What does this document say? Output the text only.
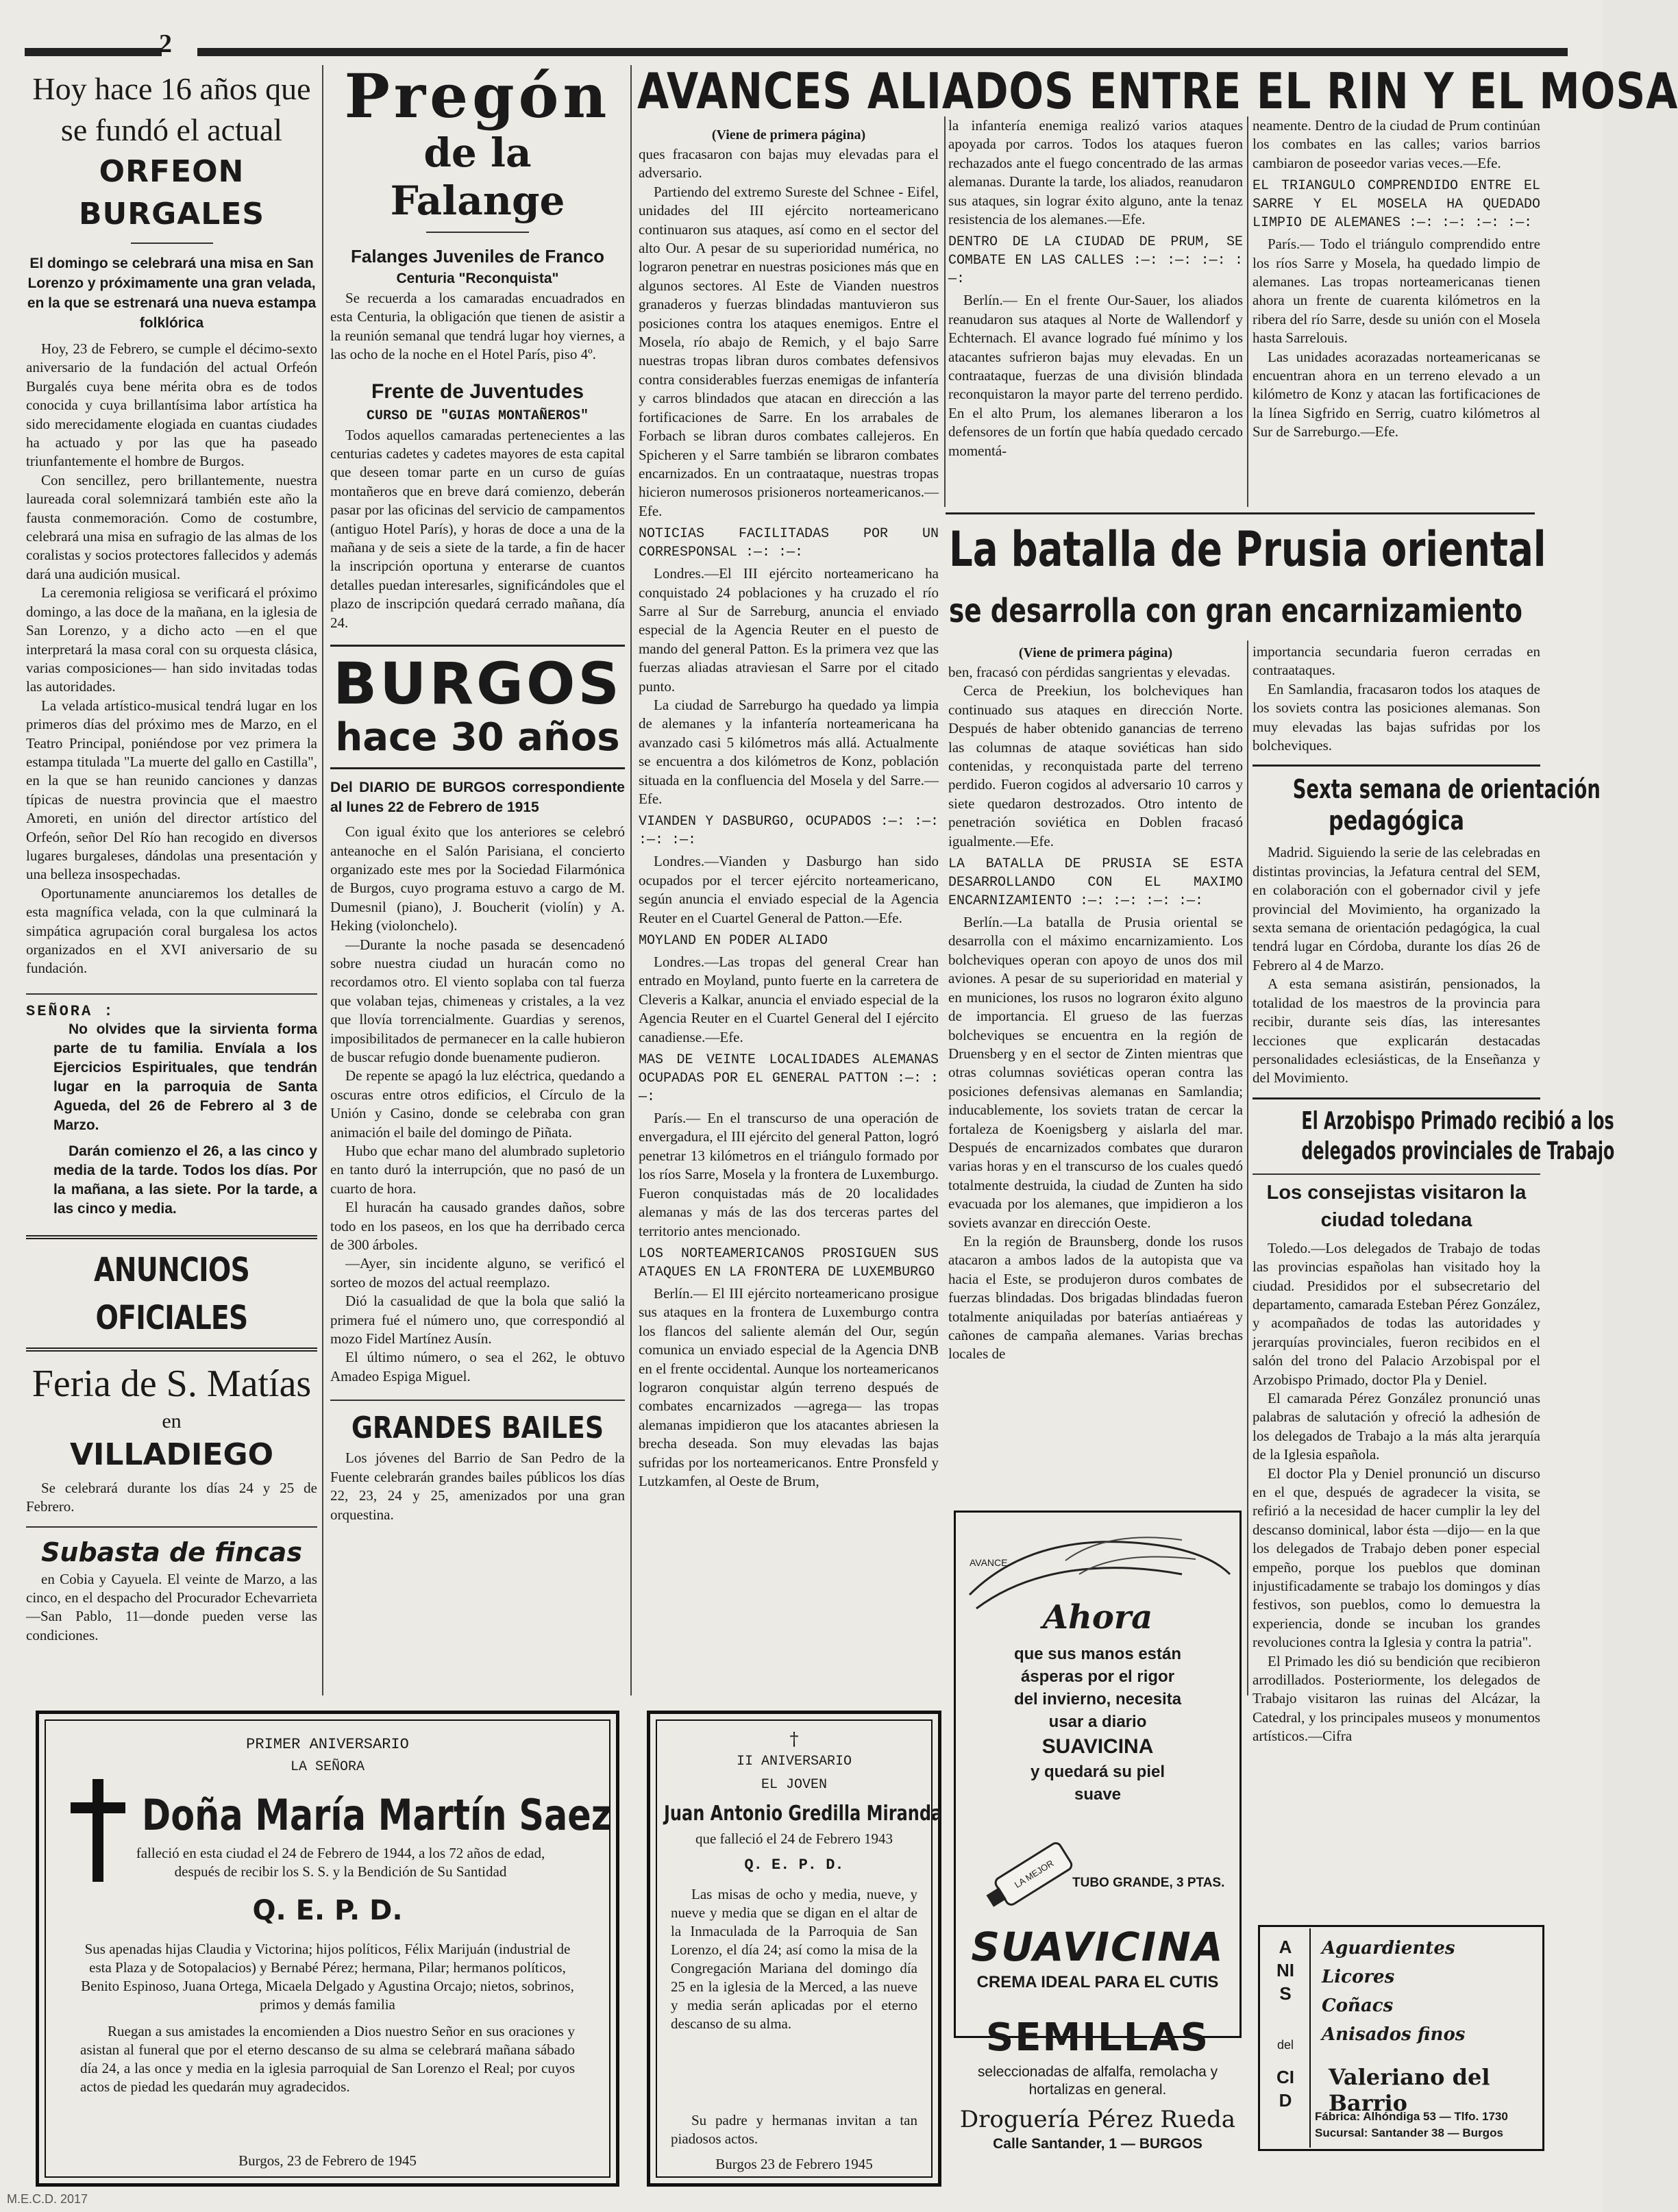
2
Hoy hace 16 años que
se fundó el actual
ORFEON BURGALES
El domingo se celebrará una misa en San Lorenzo y próximamente una gran velada, en la que se estrenará una nueva estampa folklórica

Hoy, 23 de Febrero, se cumple el décimo-sexto aniversario de la fundación del actual Orfeón Burgalés cuya bene mérita obra es de todos conocida y cuya brillantísima labor artística ha sido merecidamente elogiada en cuantas ciudades ha actuado y por las que ha paseado triunfantemente el hombre de Burgos.

Con sencillez, pero brillantemente, nuestra laureada coral solemnizará también este año la fausta conmemoración. Como de costumbre, celebrará una misa en sufragio de las almas de los coralistas y socios protectores fallecidos y además dará una audición musical.

La ceremonia religiosa se verificará el próximo domingo, a las doce de la mañana, en la iglesia de San Lorenzo, y a dicho acto —en el que interpretará la masa coral con su orquesta clásica, varias composiciones— han sido invitadas todas las autoridades.

La velada artístico-musical tendrá lugar en los primeros días del próximo mes de Marzo, en el Teatro Principal, poniéndose por vez primera la estampa titulada "La muerte del gallo en Castilla", en la que se han reunido canciones y danzas típicas de nuestra provincia que el maestro Amoreti, en unión del director artístico del Orfeón, señor Del Río han recogido en diversos lugares burgaleses, dándolas una presentación y una belleza insospechadas.

Oportunamente anunciaremos los detalles de esta magnífica velada, con la que culminará la simpática agrupación coral burgalesa los actos organizados en el XVI aniversario de su fundación.

SEÑORA :

No olvides que la sirvienta forma parte de tu familia. Envíala a los Ejercicios Espirituales, que tendrán lugar en la parroquia de Santa Agueda, del 26 de Febrero al 3 de Marzo.

Darán comienzo el 26, a las cinco y media de la tarde. Todos los días. Por la mañana, a las siete. Por la tarde, a las cinco y media.

ANUNCIOS OFICIALES
Feria de S. Matías
en
VILLADIEGO

Se celebrará durante los días 24 y 25 de Febrero.

Subasta de fincas

en Cobia y Cayuela. El veinte de Marzo, a las cinco, en el despacho del Procurador Echevarrieta—San Pablo, 11—donde pueden verse las condiciones.

Pregón
de la Falange
Falanges Juveniles de Franco
Centuria "Reconquista"

Se recuerda a los camaradas encuadrados en esta Centuria, la obligación que tienen de asistir a la reunión semanal que tendrá lugar hoy viernes, a las ocho de la noche en el Hotel París, piso 4º.

Frente de Juventudes
CURSO DE "GUIAS MONTAÑEROS"

Todos aquellos camaradas pertenecientes a las centurias cadetes y cadetes mayores de esta capital que deseen tomar parte en un curso de guías montañeros que en breve dará comienzo, deberán pasar por las oficinas del servicio de campamentos (antiguo Hotel París), y horas de doce a una de la mañana y de seis a siete de la tarde, a fin de hacer la inscripción oportuna y enterarse de cuantos detalles puedan interesarles, significándoles que el plazo de inscripción quedará cerrado mañana, día 24.

BURGOS
hace 30 años
Del DIARIO DE BURGOS correspondiente al lunes 22 de Febrero de 1915

Con igual éxito que los anteriores se celebró anteanoche en el Salón Parisiana, el concierto organizado este mes por la Sociedad Filarmónica de Burgos, cuyo programa estuvo a cargo de M. Dumesnil (piano), J. Boucherit (violín) y A. Heking (violonchelo).

—Durante la noche pasada se desencadenó sobre nuestra ciudad un huracán como no recordamos otro. El viento soplaba con tal fuerza que volaban tejas, chimeneas y cristales, a la vez que llovía torrencialmente. Guardias y serenos, imposibilitados de permanecer en la calle hubieron de buscar refugio donde buenamente pudieron.

De repente se apagó la luz eléctrica, quedando a oscuras entre otros edificios, el Círculo de la Unión y Casino, donde se celebraba con gran animación el baile del domingo de Piñata.

Hubo que echar mano del alumbrado supletorio en tanto duró la interrupción, que no pasó de un cuarto de hora.

El huracán ha causado grandes daños, sobre todo en los paseos, en los que ha derribado cerca de 300 árboles.

—Ayer, sin incidente alguno, se verificó el sorteo de mozos del actual reemplazo.

Dió la casualidad de que la bola que salió la primera fué el número uno, que correspondió al mozo Fidel Martínez Ausín.

El último número, o sea el 262, le obtuvo Amadeo Espiga Miguel.

GRANDES BAILES

Los jóvenes del Barrio de San Pedro de la Fuente celebrarán grandes bailes públicos los días 22, 23, 24 y 25, amenizados por una gran orquestina.

AVANCES ALIADOS ENTRE EL RIN Y EL MOSA
(Viene de primera página)

ques fracasaron con bajas muy elevadas para el adversario.

Partiendo del extremo Sureste del Schnee - Eifel, unidades del III ejército norteamericano continuaron sus ataques, así como en el sector del alto Our. A pesar de su superioridad numérica, no lograron penetrar en nuestras posiciones más que en algunos sectores. Al Este de Vianden nuestros granaderos y fuerzas blindadas mantuvieron sus posiciones contra los ataques enemigos. Entre el Mosela, río abajo de Remich, y el bajo Sarre nuestras tropas libran duros combates defensivos contra considerables fuerzas enemigas de infantería y carros blindados que atacan en dirección a las fortificaciones de Sarre. En los arrabales de Forbach se libran duros combates callejeros. En Spicheren y el Sarre también se libraron combates encarnizados. En un contraataque, nuestras tropas hicieron numerosos prisioneros norteamericanos.—Efe.

NOTICIAS FACILITADAS POR UN CORRESPONSAL :—: :—:

Londres.—El III ejército norteamericano ha conquistado 24 poblaciones y ha cruzado el río Sarre al Sur de Sarreburg, anuncia el enviado especial de la Agencia Reuter en el puesto de mando del general Patton. Es la primera vez que las fuerzas aliadas atraviesan el Sarre por el citado punto.

La ciudad de Sarreburgo ha quedado ya limpia de alemanes y la infantería norteamericana ha avanzado casi 5 kilómetros más allá. Actualmente se encuentra a dos kilómetros de Konz, población situada en la confluencia del Mosela y del Sarre.—Efe.

VIANDEN Y DASBURGO, OCUPADOS :—: :—: :—: :—:

Londres.—Vianden y Dasburgo han sido ocupados por el tercer ejército norteamericano, según anuncia el enviado especial de la Agencia Reuter en el Cuartel General de Patton.—Efe.

MOYLAND EN PODER ALIADO

Londres.—Las tropas del general Crear han entrado en Moyland, punto fuerte en la carretera de Cleveris a Kalkar, anuncia el enviado especial de la Agencia Reuter en el Cuartel General del I ejército canadiense.—Efe.

MAS DE VEINTE LOCALIDADES ALEMANAS OCUPADAS POR EL GENERAL PATTON :—: :—:

París.— En el transcurso de una operación de envergadura, el III ejército del general Patton, logró penetrar 13 kilómetros en el triángulo formado por los ríos Sarre, Mosela y la frontera de Luxemburgo. Fueron conquistadas más de 20 localidades alemanas y más de las dos terceras partes del territorio antes mencionado.

LOS NORTEAMERICANOS PROSIGUEN SUS ATAQUES EN LA FRONTERA DE LUXEMBURGO

Berlín.— El III ejército norteamericano prosigue sus ataques en la frontera de Luxemburgo contra los flancos del saliente alemán del Our, según comunica un enviado especial de la Agencia DNB en el frente occidental. Aunque los norteamericanos lograron conquistar algún terreno después de combates encarnizados —agrega— las tropas alemanas impidieron que los atacantes abriesen la brecha deseada. Son muy elevadas las bajas sufridas por los norteamericanos. Entre Pronsfeld y Lutzkamfen, al Oeste de Brum,

la infantería enemiga realizó varios ataques apoyada por carros. Todos los ataques fueron rechazados ante el fuego concentrado de las armas alemanas. Durante la tarde, los aliados, reanudaron sus ataques, sin lograr éxito alguno, ante la tenaz resistencia de los alemanes.—Efe.

DENTRO DE LA CIUDAD DE PRUM, SE COMBATE EN LAS CALLES :—: :—: :—: :—:

Berlín.— En el frente Our-Sauer, los aliados reanudaron sus ataques al Norte de Wallendorf y Echternach. El avance logrado fué mínimo y los atacantes sufrieron bajas muy elevadas. En un contraataque, fuerzas de una división blindada reconquistaron la mayor parte del terreno perdido. En el alto Prum, los alemanes liberaron a los defensores de un fortín que había quedado cercado momentá-

neamente. Dentro de la ciudad de Prum continúan los combates en las calles; varios barrios cambiaron de poseedor varias veces.—Efe.

EL TRIANGULO COMPRENDIDO ENTRE EL SARRE Y EL MOSELA HA QUEDADO LIMPIO DE ALEMANES :—: :—: :—: :—:

París.— Todo el triángulo comprendido entre los ríos Sarre y Mosela, ha quedado limpio de alemanes. Las tropas norteamericanas tienen ahora un frente de cuarenta kilómetros en la ribera del río Sarre, desde su unión con el Mosela hasta Sarrelouis.

Las unidades acorazadas norteamericanas se encuentran ahora en un terreno elevado a un kilómetro de Konz y atacan las fortificaciones de la línea Sigfrido en Serrig, cuatro kilómetros al Sur de Sarreburgo.—Efe.

La batalla de Prusia oriental
se desarrolla con gran encarnizamiento
(Viene de primera página)

ben, fracasó con pérdidas sangrientas y elevadas.

Cerca de Preekiun, los bolcheviques han continuado sus ataques en dirección Norte. Después de haber obtenido ganancias de terreno las columnas de ataque soviéticas han sido contenidas, y reconquistada parte del terreno perdido. Fueron cogidos al adversario 10 carros y siete quedaron destrozados. Otro intento de penetración soviética en Doblen fracasó igualmente.—Efe.

LA BATALLA DE PRUSIA SE ESTA DESARROLLANDO CON EL MAXIMO ENCARNIZAMIENTO :—: :—: :—: :—:

Berlín.—La batalla de Prusia oriental se desarrolla con el máximo encarnizamiento. Los bolcheviques operan con apoyo de unos dos mil aviones. A pesar de su superioridad en material y en municiones, los rusos no lograron éxito alguno de importancia. El grueso de las fuerzas bolcheviques se encuentra en la región de Druensberg y en el sector de Zinten mientras que otras columnas soviéticas operan contra las posiciones defensivas alemanas en Samlandia; inducablemente, los soviets tratan de cercar la fortaleza de Koenigsberg y aislarla del mar. Después de encarnizados combates que duraron varias horas y en el transcurso de los cuales quedó totalmente destruida, la ciudad de Zunten ha sido evacuada por los alemanes, que impidieron a los soviets avanzar en dirección Oeste.

En la región de Braunsberg, donde los rusos atacaron a ambos lados de la autopista que va hacia el Este, se produjeron duros combates de fuerzas blindadas. Dos brigadas blindadas fueron totalmente aniquiladas por baterías antiaéreas y cañones de campaña alemanes. Varias brechas locales de

importancia secundaria fueron cerradas en contraataques.

En Samlandia, fracasaron todos los ataques de los soviets contra las posiciones alemanas. Son muy elevadas las bajas sufridas por los bolcheviques.

Sexta semana de orientación
pedagógica

Madrid. Siguiendo la serie de las celebradas en distintas provincias, la Jefatura central del SEM, en colaboración con el gobernador civil y jefe provincial del Movimiento, ha organizado la sexta semana de orientación pedagógica, la cual tendrá lugar en Córdoba, durante los días 26 de Febrero al 4 de Marzo.

A esta semana asistirán, pensionados, la totalidad de los maestros de la provincia para recibir, durante seis días, las interesantes lecciones que explicarán destacadas personalidades eclesiásticas, de la Enseñanza y del Movimiento.

El Arzobispo Primado recibió a los
delegados provinciales de Trabajo
Los consejistas visitaron la
ciudad toledana

Toledo.—Los delegados de Trabajo de todas las provincias españolas han visitado hoy la ciudad. Presididos por el subsecretario del departamento, camarada Esteban Pérez González, y acompañados de todas las autoridades y jerarquías provinciales, fueron recibidos en el salón del trono del Palacio Arzobispal por el Arzobispo Primado, doctor Pla y Deniel.

El camarada Pérez González pronunció unas palabras de salutación y ofreció la adhesión de los delegados de Trabajo a la más alta jerarquía de la Iglesia española.

El doctor Pla y Deniel pronunció un discurso en el que, después de agradecer la visita, se refirió a la necesidad de hacer cumplir la ley del descanso dominical, labor ésta —dijo— en la que los delegados de Trabajo deben poner especial empeño, porque los pueblos que dominan injustificadamente se trabajo los domingos y días festivos, son pueblos, como lo demuestra la experiencia, donde se incuban los grandes revoluciones contra la Iglesia y contra la patria".

El Primado les dió su bendición que recibieron arrodillados. Posteriormente, los delegados de Trabajo visitaron las ruinas del Alcázar, la Catedral, y los principales museos y monumentos artísticos.—Cifra

AVANCE
Ahora
que sus manos están
ásperas por el rigor
del invierno, necesita
usar a diario
SUAVICINA
y quedará su piel
suave
LA MEJOR TUBO GRANDE, 3 PTAS.
SUAVICINA
CREMA IDEAL PARA EL CUTIS
SEMILLAS
seleccionadas de alfalfa, remolacha y hortalizas en general.
Droguería Pérez Rueda
Calle Santander, 1 — BURGOS
ANIS
del
CID
Aguardientes
Licores
Coñacs
Anisados finos
Valeriano del Barrio
Fábrica: Alhóndiga 53 — Tlfo. 1730
Sucursal: Santander 38 — Burgos
PRIMER ANIVERSARIO
LA SEÑORA
Doña María Martín Saez
falleció en esta ciudad el 24 de Febrero de 1944, a los 72 años de edad, después de recibir los S. S. y la Bendición de Su Santidad
Q. E. P. D.
Sus apenadas hijas Claudia y Victorina; hijos políticos, Félix Marijuán (industrial de esta Plaza y de Sotopalacios) y Bernabé Pérez; hermana, Pilar; hermanos políticos, Benito Espinoso, Juana Ortega, Micaela Delgado y Agustina Orcajo; nietos, sobrinos, primos y demás familia
Ruegan a sus amistades la encomienden a Dios nuestro Señor en sus oraciones y asistan al funeral que por el eterno descanso de su alma se celebrará mañana sábado día 24, a las once y media en la iglesia parroquial de San Lorenzo el Real; por cuyos actos de piedad les quedarán muy agradecidos.
Burgos, 23 de Febrero de 1945
†
II ANIVERSARIO
EL JOVEN
Juan Antonio Gredilla Miranda
que falleció el 24 de Febrero 1943
Q. E. P. D.
Las misas de ocho y media, nueve, y nueve y media que se digan en el altar de la Inmaculada de la Parroquia de San Lorenzo, el día 24; así como la misa de la Congregación Mariana del domingo día 25 en la iglesia de la Merced, a las nueve y media serán aplicadas por el eterno descanso de su alma.
Su padre y hermanas invitan a tan piadosos actos.
Burgos 23 de Febrero 1945
M.E.C.D. 2017
